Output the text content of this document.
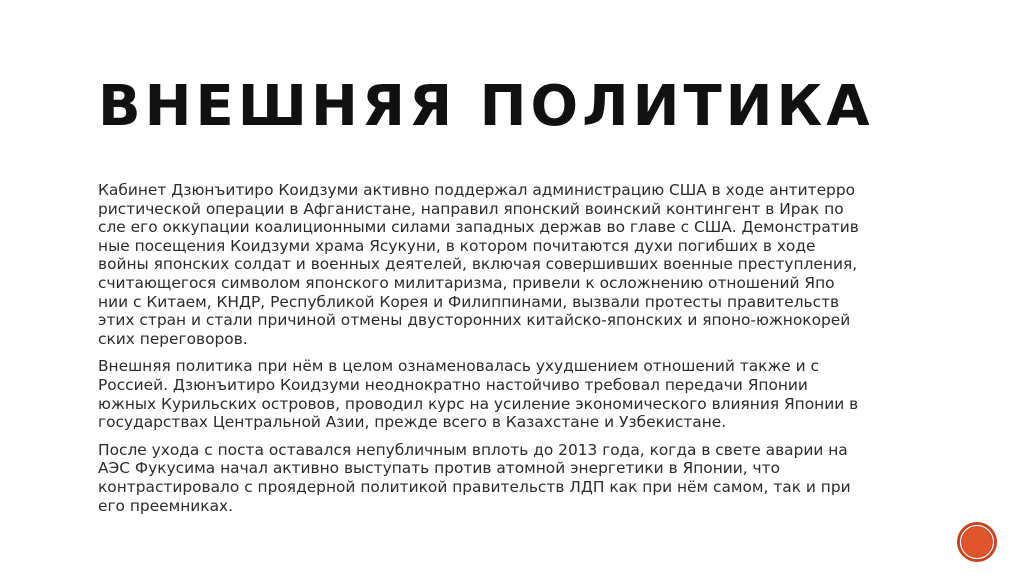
ВНЕШНЯЯ ПОЛИТИКА

Кабинет Дзюнъитиро Коидзуми активно поддержал администрацию США в ходе антитерро
ристической операции в Афганистане, направил японский воинский контингент в Ирак по
сле его оккупации коалиционными силами западных держав во главе с США. Демонстратив
ные посещения Коидзуми храма Ясукуни, в котором почитаются духи погибших в ходе
войны японских солдат и военных деятелей, включая совершивших военные преступления,
считающегося символом японского милитаризма, привели к осложнению отношений Япо
нии с Китаем, КНДР, Республикой Корея и Филиппинами, вызвали протесты правительств
этих стран и стали причиной отмены двусторонних китайско-японских и японо-южнокорей
ских переговоров.

Внешняя политика при нём в целом ознаменовалась ухудшением отношений также и с
Россией. Дзюнъитиро Коидзуми неоднократно настойчиво требовал передачи Японии
южных Курильских островов, проводил курс на усиление экономического влияния Японии в
государствах Центральной Азии, прежде всего в Казахстане и Узбекистане.

После ухода с поста оставался непубличным вплоть до 2013 года, когда в свете аварии на
АЭС Фукусима начал активно выступать против атомной энергетики в Японии, что
контрастировало с проядерной политикой правительств ЛДП как при нём самом, так и при
его преемниках.
